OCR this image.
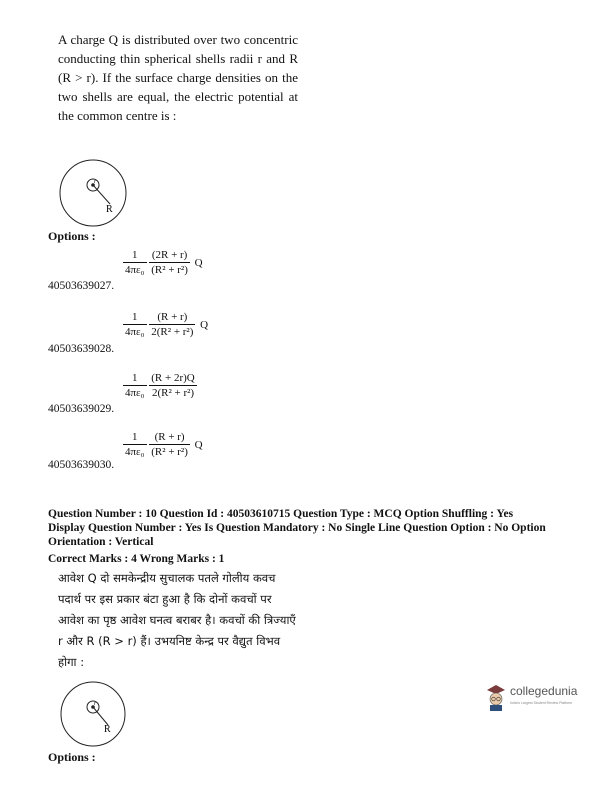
A charge Q is distributed over two concentric conducting thin spherical shells radii r and R (R > r). If the surface charge densities on the two shells are equal, the electric potential at the common centre is :
R
r
Options :
$\frac{1}{\text{4πε₀}}$
$\frac{(2R + r)}{\text{(R² + r²)}}$ Q
40503639027.
$\frac{1}{\text{4πε₀}}$
$\frac{(R + r)}{\text{2(R² + r²)}}$ Q
40503639028.
$\frac{1}{\text{4πε₀}}$
$\frac{(R + 2r)Q}{\text{2(R² + r²)}}$
40503639029.
$\frac{1}{\text{4πε₀}}$
$\frac{(R + r)}{\text{(R² + r²)}}$ Q
40503639030.
Question Number : 10 Question Id : 40503610715 Question Type : MCQ Option Shuffling : Yes
Display Question Number : Yes Is Question Mandatory : No Single Line Question Option : No Option
Orientation : Vertical
Correct Marks : 4 Wrong Marks : 1
आवेश Q दो समकेन्द्रीय सुचालक पतले गोलीय कवच पदार्थ पर इस प्रकार बंटा हुआ है कि दोनों कवचों पर आवेश का पृष्ठ आवेश घनत्व बराबर है। कवचों की त्रिज्याएँ r और R (R > r) हैं। उभयनिष्ट केन्द्र पर वैद्युत विभव होगा :
R
r
Options :
collegedunia
India's Largest Student Review Platform
